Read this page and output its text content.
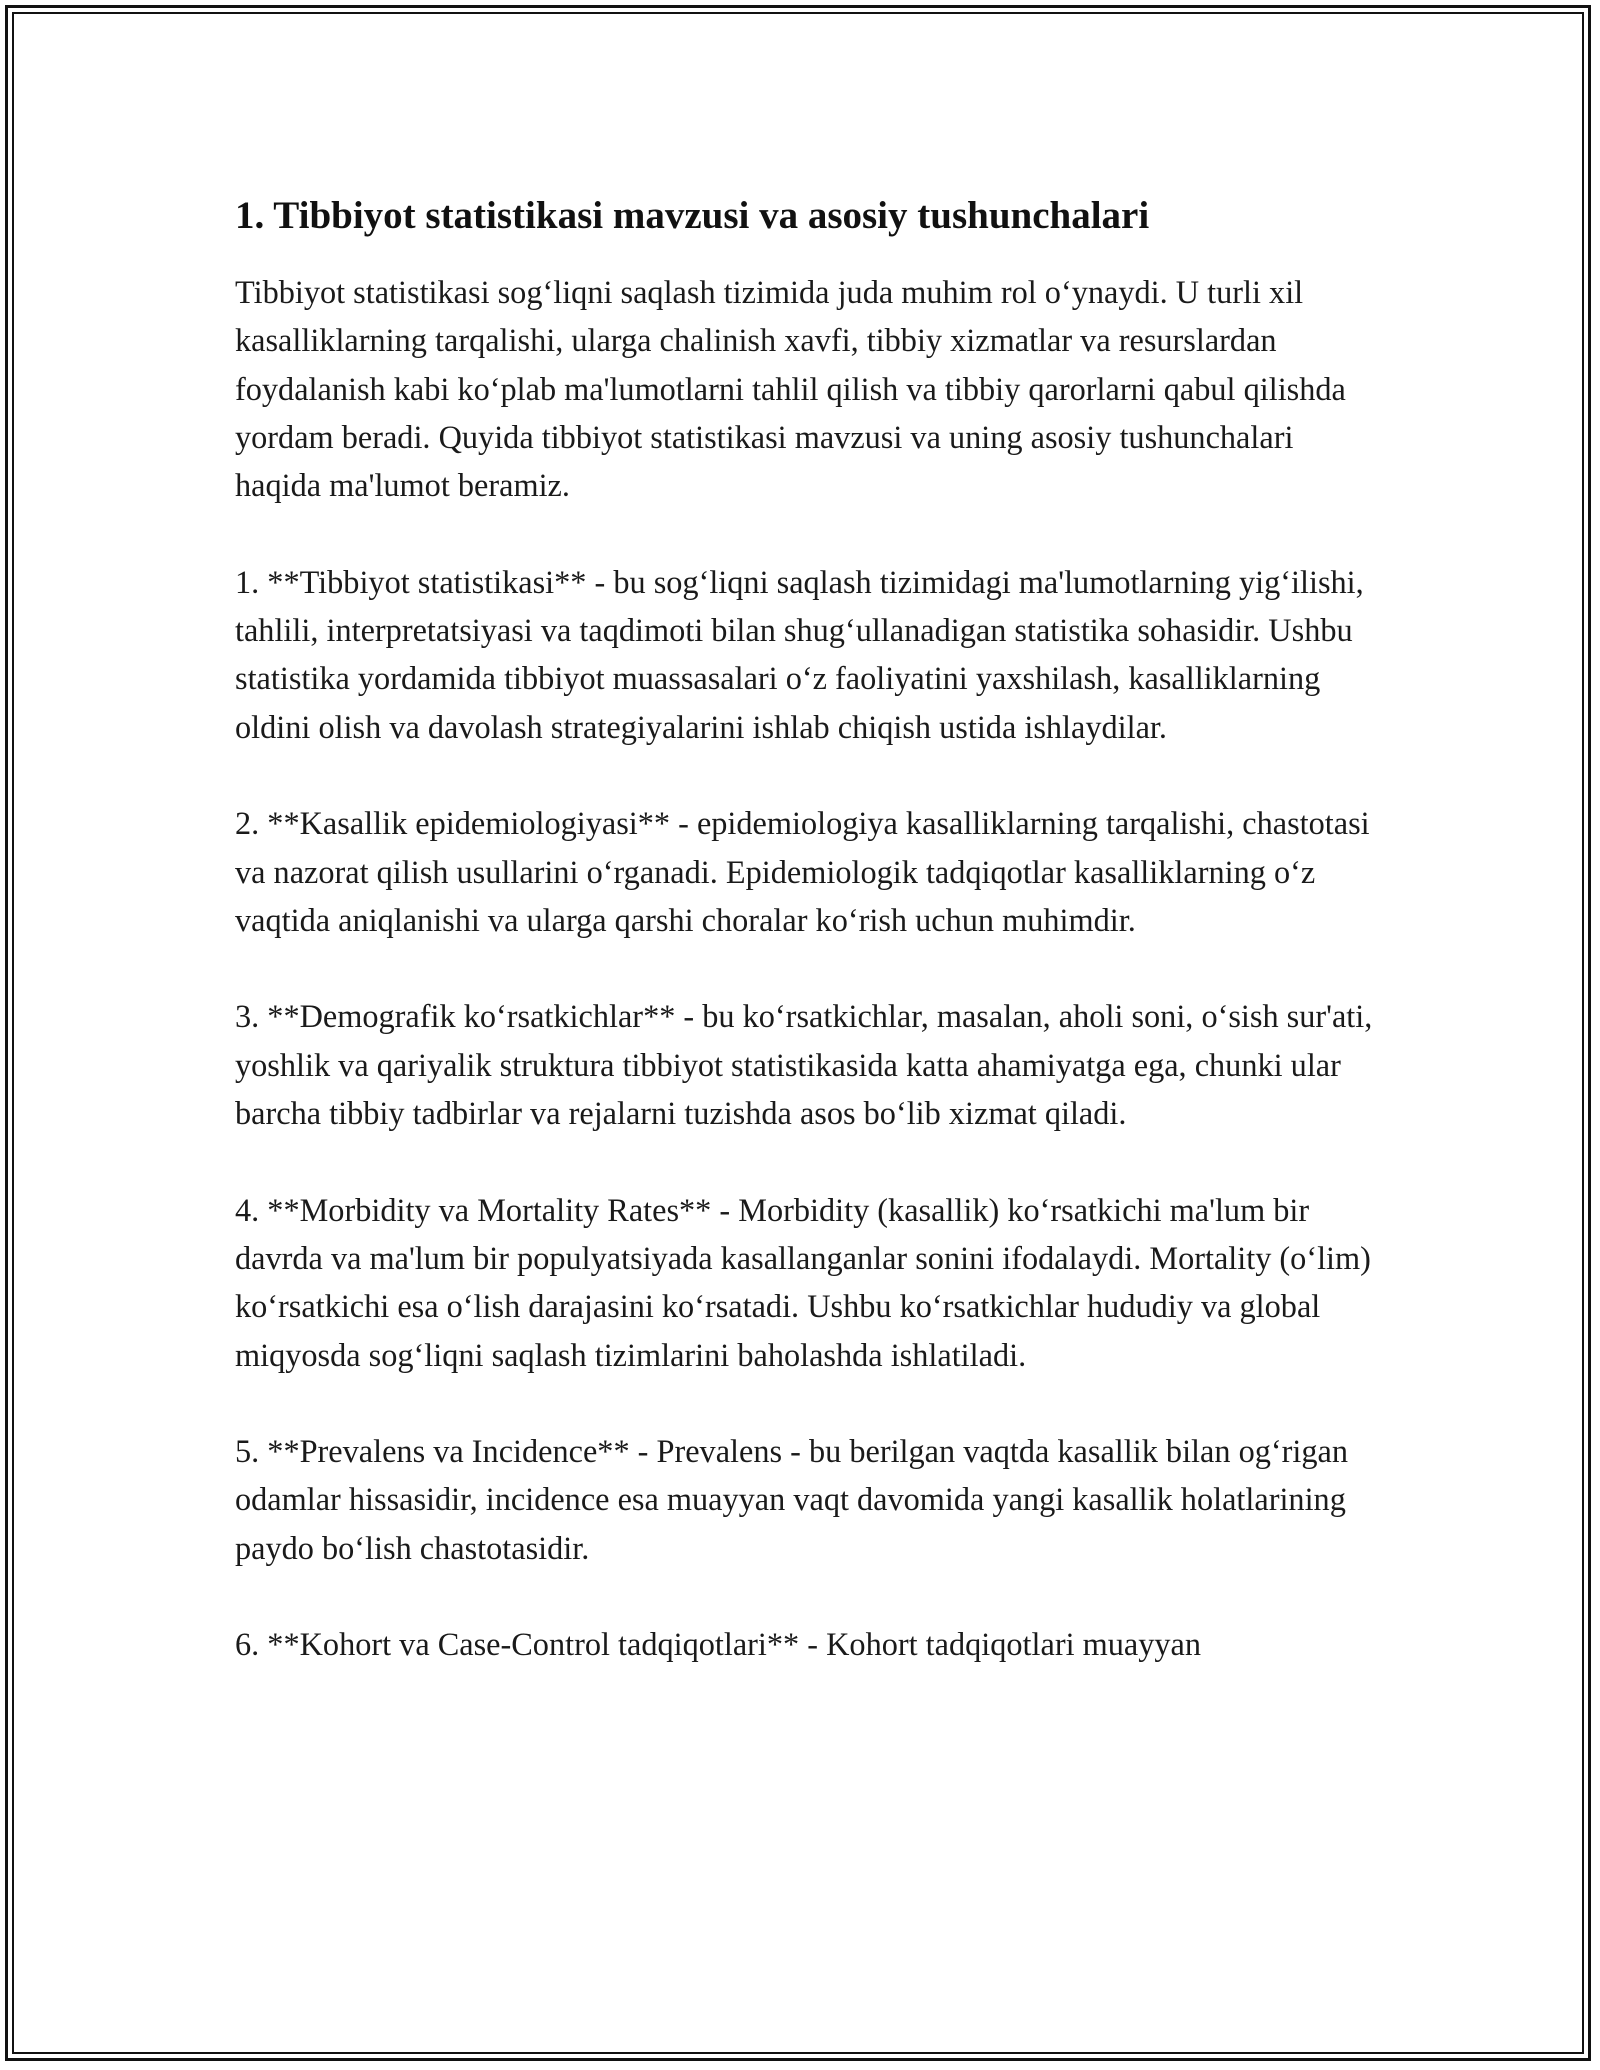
1. Tibbiyot statistikasi mavzusi va asosiy tushunchalari

Tibbiyot statistikasi sog‘liqni saqlash tizimida juda muhim rol o‘ynaydi. U turli xil kasalliklarning tarqalishi, ularga chalinish xavfi, tibbiy xizmatlar va resurslardan foydalanish kabi ko‘plab ma'lumotlarni tahlil qilish va tibbiy qarorlarni qabul qilishda yordam beradi. Quyida tibbiyot statistikasi mavzusi va uning asosiy tushunchalari haqida ma'lumot beramiz.

1. **Tibbiyot statistikasi** - bu sog‘liqni saqlash tizimidagi ma'lumotlarning yig‘ilishi, tahlili, interpretatsiyasi va taqdimoti bilan shug‘ullanadigan statistika sohasidir. Ushbu statistika yordamida tibbiyot muassasalari o‘z faoliyatini yaxshilash, kasalliklarning oldini olish va davolash strategiyalarini ishlab chiqish ustida ishlaydilar.

2. **Kasallik epidemiologiyasi** - epidemiologiya kasalliklarning tarqalishi, chastotasi va nazorat qilish usullarini o‘rganadi. Epidemiologik tadqiqotlar kasalliklarning o‘z vaqtida aniqlanishi va ularga qarshi choralar ko‘rish uchun muhimdir.

3. **Demografik ko‘rsatkichlar** - bu ko‘rsatkichlar, masalan, aholi soni, o‘sish sur'ati, yoshlik va qariyalik struktura tibbiyot statistikasida katta ahamiyatga ega, chunki ular barcha tibbiy tadbirlar va rejalarni tuzishda asos bo‘lib xizmat qiladi.

4. **Morbidity va Mortality Rates** - Morbidity (kasallik) ko‘rsatkichi ma'lum bir davrda va ma'lum bir populyatsiyada kasallanganlar sonini ifodalaydi. Mortality (o‘lim) ko‘rsatkichi esa o‘lish darajasini ko‘rsatadi. Ushbu ko‘rsatkichlar hududiy va global miqyosda sog‘liqni saqlash tizimlarini baholashda ishlatiladi.

5. **Prevalens va Incidence** - Prevalens - bu berilgan vaqtda kasallik bilan og‘rigan odamlar hissasidir, incidence esa muayyan vaqt davomida yangi kasallik holatlarining paydo bo‘lish chastotasidir.

6. **Kohort va Case-Control tadqiqotlari** - Kohort tadqiqotlari muayyan
